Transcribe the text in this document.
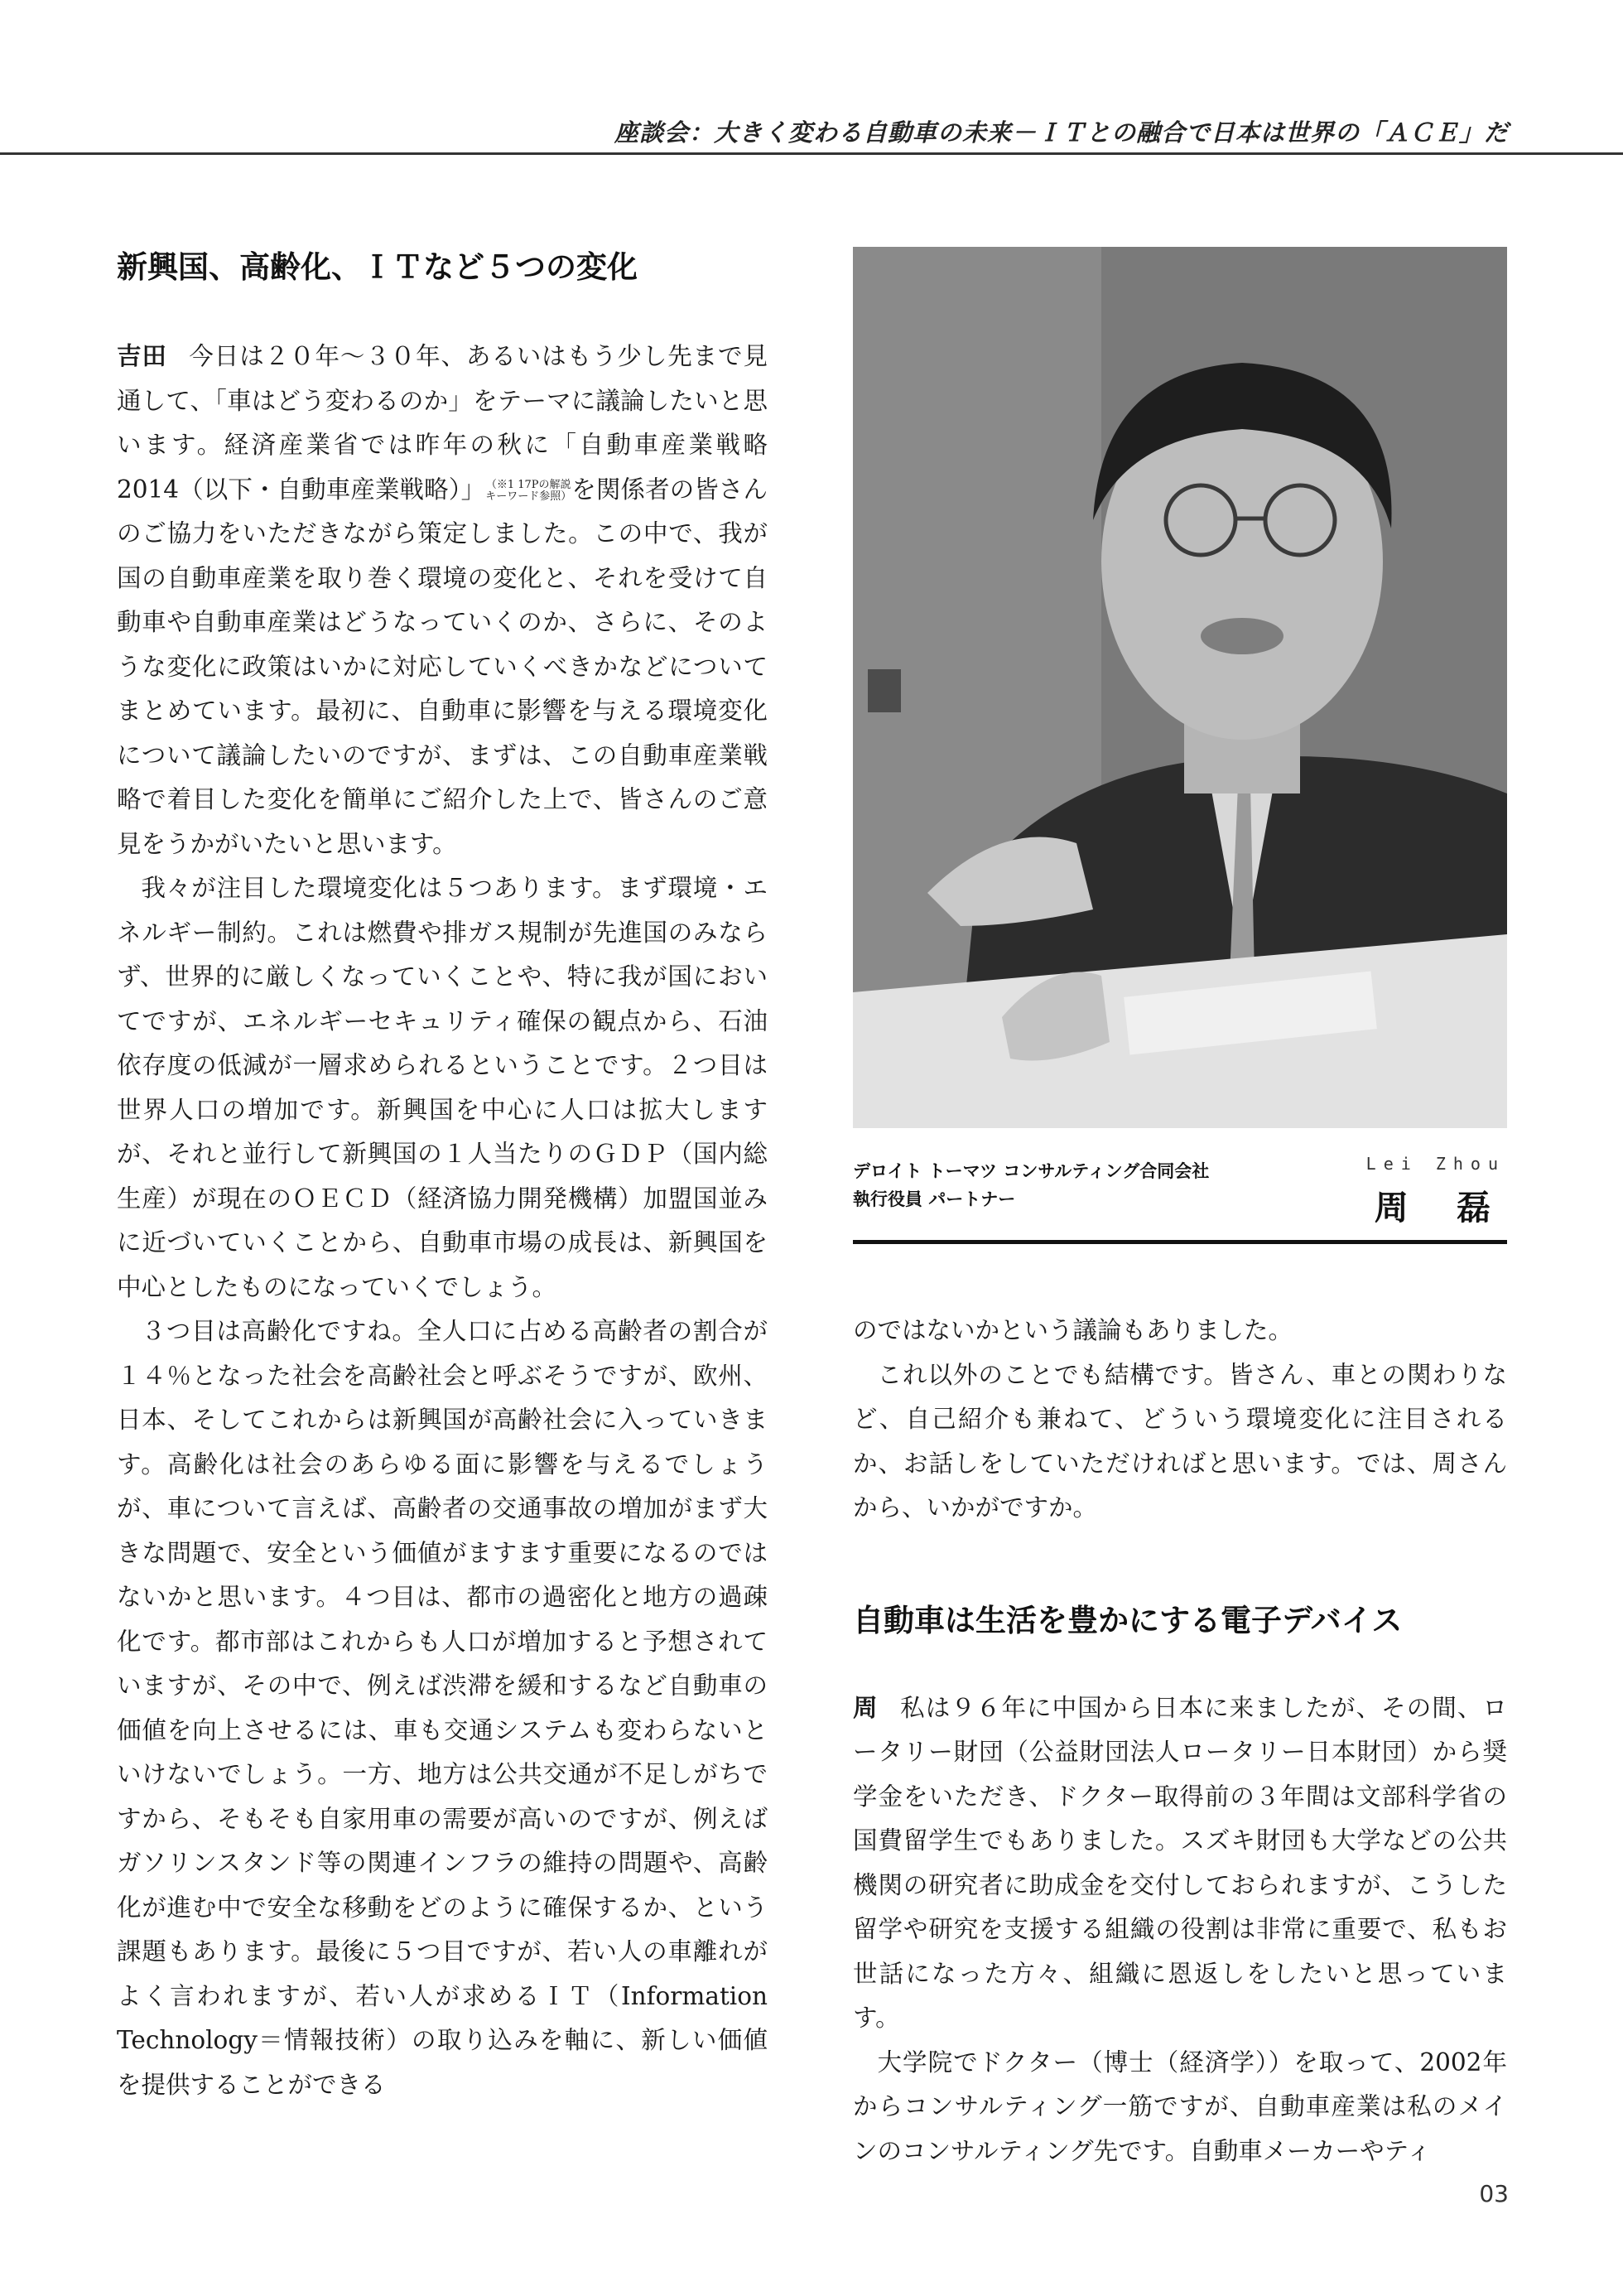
座談会：大きく変わる自動車の未来－ＩＴとの融合で日本は世界の「ＡＣＥ」だ
新興国、高齢化、ＩＴなど５つの変化

吉田 今日は２０年～３０年、あるいはもう少し先まで見通して、「車はどう変わるのか」をテーマに議論したいと思います。経済産業省では昨年の秋に「自動車産業戦略 2014（以下・自動車産業戦略）」（※1 17Pの解説
キーワード参照）を関係者の皆さんのご協力をいただきながら策定しました。この中で、我が国の自動車産業を取り巻く環境の変化と、それを受けて自動車や自動車産業はどうなっていくのか、さらに、そのような変化に政策はいかに対応していくべきかなどについてまとめています。最初に、自動車に影響を与える環境変化について議論したいのですが、まずは、この自動車産業戦略で着目した変化を簡単にご紹介した上で、皆さんのご意見をうかがいたいと思います。

我々が注目した環境変化は５つあります。まず環境・エネルギー制約。これは燃費や排ガス規制が先進国のみならず、世界的に厳しくなっていくことや、特に我が国においてですが、エネルギーセキュリティ確保の観点から、石油依存度の低減が一層求められるということです。２つ目は世界人口の増加です。新興国を中心に人口は拡大しますが、それと並行して新興国の１人当たりのＧＤＰ（国内総生産）が現在のＯＥＣＤ（経済協力開発機構）加盟国並みに近づいていくことから、自動車市場の成長は、新興国を中心としたものになっていくでしょう。

３つ目は高齢化ですね。全人口に占める高齢者の割合が１４％となった社会を高齢社会と呼ぶそうですが、欧州、日本、そしてこれからは新興国が高齢社会に入っていきます。高齢化は社会のあらゆる面に影響を与えるでしょうが、車について言えば、高齢者の交通事故の増加がまず大きな問題で、安全という価値がますます重要になるのではないかと思います。４つ目は、都市の過密化と地方の過疎化です。都市部はこれからも人口が増加すると予想されていますが、その中で、例えば渋滞を緩和するなど自動車の価値を向上させるには、車も交通システムも変わらないといけないでしょう。一方、地方は公共交通が不足しがちですから、そもそも自家用車の需要が高いのですが、例えばガソリンスタンド等の関連インフラの維持の問題や、高齢化が進む中で安全な移動をどのように確保するか、という課題もあります。最後に５つ目ですが、若い人の車離れがよく言われますが、若い人が求めるＩＴ（Information Technology＝情報技術）の取り込みを軸に、新しい価値を提供することができる

デロイト トーマツ コンサルティング合同会社
執行役員 パートナー
Lei Zhou
周 磊

のではないかという議論もありました。

これ以外のことでも結構です。皆さん、車との関わりなど、自己紹介も兼ねて、どういう環境変化に注目されるか、お話しをしていただければと思います。では、周さんから、いかがですか。

自動車は生活を豊かにする電子デバイス

周 私は９６年に中国から日本に来ましたが、その間、ロータリー財団（公益財団法人ロータリー日本財団）から奨学金をいただき、ドクター取得前の３年間は文部科学省の国費留学生でもありました。スズキ財団も大学などの公共機関の研究者に助成金を交付しておられますが、こうした留学や研究を支援する組織の役割は非常に重要で、私もお世話になった方々、組織に恩返しをしたいと思っています。

大学院でドクター（博士（経済学））を取って、2002年からコンサルティング一筋ですが、自動車産業は私のメインのコンサルティング先です。自動車メーカーやティ

03
